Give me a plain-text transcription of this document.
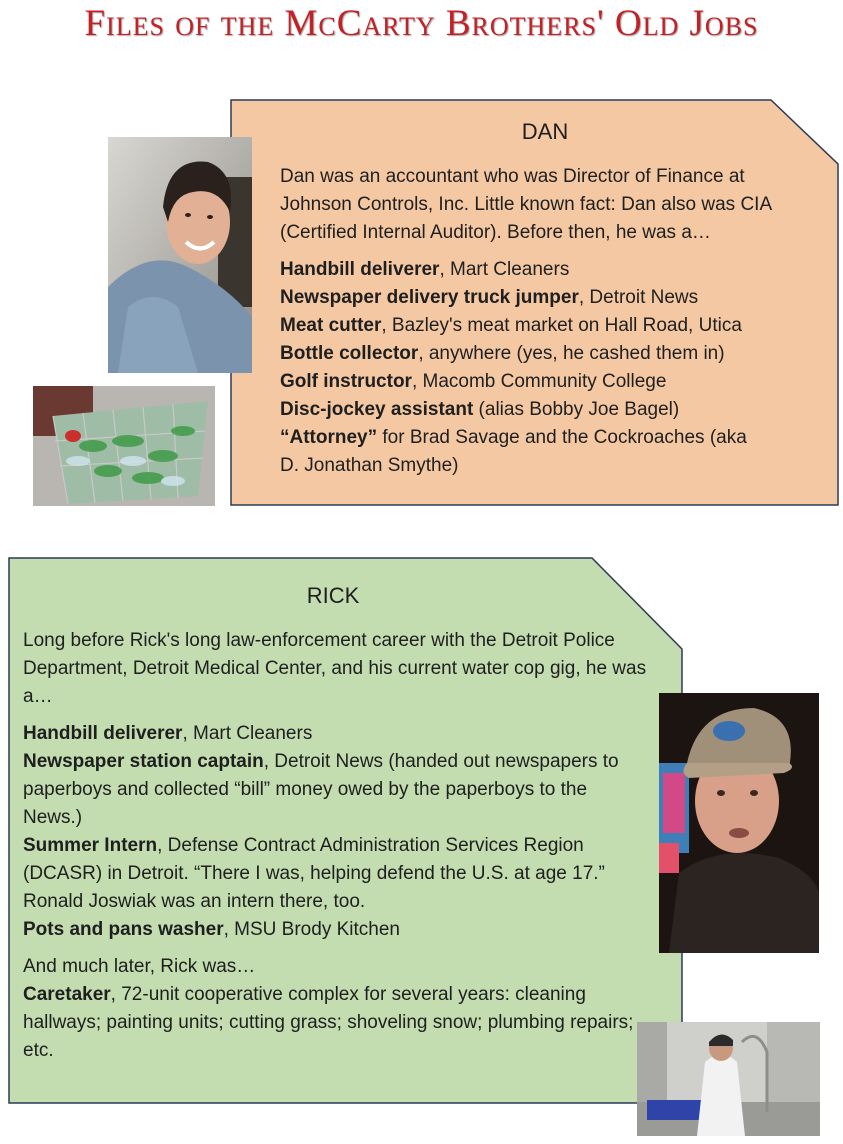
Files of the McCarty Brothers' Old Jobs
DAN

Dan was an accountant who was Director of Finance at Johnson Controls, Inc. Little known fact: Dan also was CIA (Certified Internal Auditor). Before then, he was a…

Handbill deliverer, Mart Cleaners
Newspaper delivery truck jumper, Detroit News
Meat cutter, Bazley's meat market on Hall Road, Utica
Bottle collector, anywhere (yes, he cashed them in)
Golf instructor, Macomb Community College
Disc-jockey assistant (alias Bobby Joe Bagel)
“Attorney” for Brad Savage and the Cockroaches (aka
D. Jonathan Smythe)
RICK

Long before Rick's long law-enforcement career with the Detroit Police Department, Detroit Medical Center, and his current water cop gig, he was a…

Handbill deliverer, Mart Cleaners

Newspaper station captain, Detroit News (handed out newspapers to paperboys and collected “bill” money owed by the paperboys to the News.)

Summer Intern, Defense Contract Administration Services Region (DCASR) in Detroit. “There I was, helping defend the U.S. at age 17.” Ronald Joswiak was an intern there, too.

Pots and pans washer, MSU Brody Kitchen
And much later, Rick was…

Caretaker, 72-unit cooperative complex for several years: cleaning hallways; painting units; cutting grass; shoveling snow; plumbing repairs; etc.
